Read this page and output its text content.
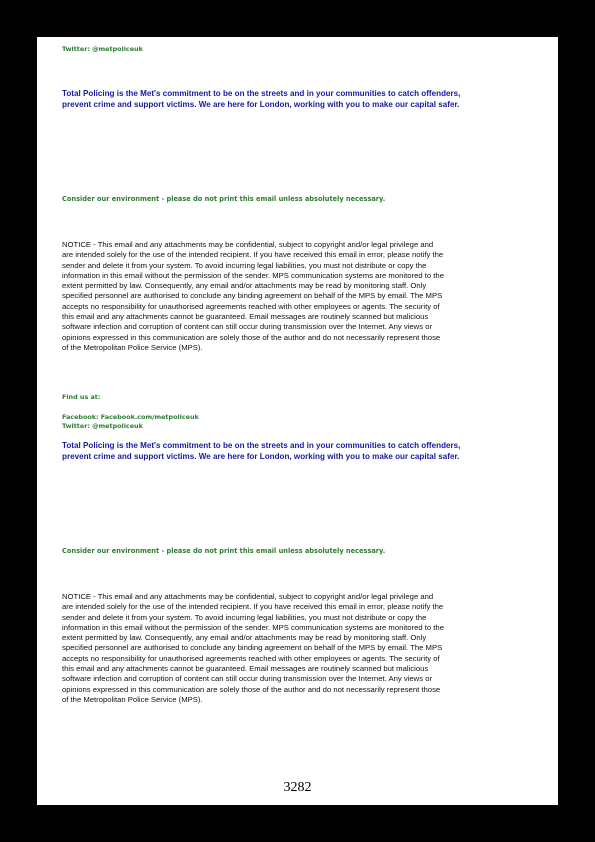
Twitter: @metpoliceuk
Total Policing is the Met's commitment to be on the streets and in your communities to catch offenders,
prevent crime and support victims. We are here for London, working with you to make our capital safer.
Consider our environment - please do not print this email unless absolutely necessary.
NOTICE - This email and any attachments may be confidential, subject to copyright and/or legal privilege and
are intended solely for the use of the intended recipient. If you have received this email in error, please notify the
sender and delete it from your system. To avoid incurring legal liabilities, you must not distribute or copy the
information in this email without the permission of the sender. MPS communication systems are monitored to the
extent permitted by law. Consequently, any email and/or attachments may be read by monitoring staff. Only
specified personnel are authorised to conclude any binding agreement on behalf of the MPS by email. The MPS
accepts no responsibility for unauthorised agreements reached with other employees or agents. The security of
this email and any attachments cannot be guaranteed. Email messages are routinely scanned but malicious
software infection and corruption of content can still occur during transmission over the Internet. Any views or
opinions expressed in this communication are solely those of the author and do not necessarily represent those
of the Metropolitan Police Service (MPS).
Find us at:
Facebook: Facebook.com/metpoliceuk
Twitter: @metpoliceuk
Total Policing is the Met's commitment to be on the streets and in your communities to catch offenders,
prevent crime and support victims. We are here for London, working with you to make our capital safer.
Consider our environment - please do not print this email unless absolutely necessary.
NOTICE - This email and any attachments may be confidential, subject to copyright and/or legal privilege and
are intended solely for the use of the intended recipient. If you have received this email in error, please notify the
sender and delete it from your system. To avoid incurring legal liabilities, you must not distribute or copy the
information in this email without the permission of the sender. MPS communication systems are monitored to the
extent permitted by law. Consequently, any email and/or attachments may be read by monitoring staff. Only
specified personnel are authorised to conclude any binding agreement on behalf of the MPS by email. The MPS
accepts no responsibility for unauthorised agreements reached with other employees or agents. The security of
this email and any attachments cannot be guaranteed. Email messages are routinely scanned but malicious
software infection and corruption of content can still occur during transmission over the Internet. Any views or
opinions expressed in this communication are solely those of the author and do not necessarily represent those
of the Metropolitan Police Service (MPS).
3282
